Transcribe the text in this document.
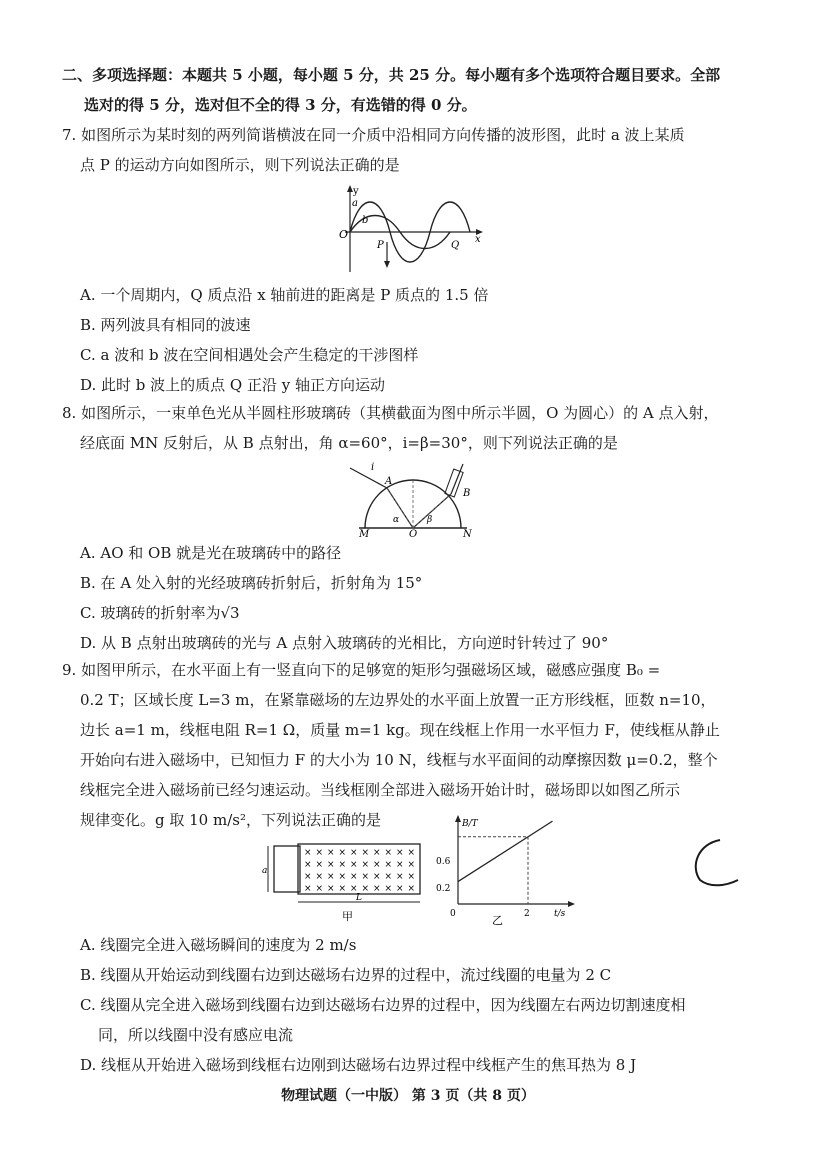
二、多项选择题：本题共 5 小题，每小题 5 分，共 25 分。每小题有多个选项符合题目要求。全部
选对的得 5 分，选对但不全的得 3 分，有选错的得 0 分。
7. 如图所示为某时刻的两列简谐横波在同一介质中沿相同方向传播的波形图，此时 a 波上某质
点 P 的运动方向如图所示，则下列说法正确的是
y
x
O
a
b
P	Q
A. 一个周期内，Q 质点沿 x 轴前进的距离是 P 质点的 1.5 倍
B. 两列波具有相同的波速
C. a 波和 b 波在空间相遇处会产生稳定的干涉图样
D. 此时 b 波上的质点 Q 正沿 y 轴正方向运动
8. 如图所示，一束单色光从半圆柱形玻璃砖（其横截面为图中所示半圆，O 为圆心）的 A 点入射，
经底面 MN 反射后，从 B 点射出，角 α=60°，i=β=30°，则下列说法正确的是
i
A
B
M	N
O
α	β
A. AO 和 OB 就是光在玻璃砖中的路径
B. 在 A 处入射的光经玻璃砖折射后，折射角为 15°
C. 玻璃砖的折射率为√3
D. 从 B 点射出玻璃砖的光与 A 点射入玻璃砖的光相比，方向逆时针转过了 90°
9. 如图甲所示，在水平面上有一竖直向下的足够宽的矩形匀强磁场区域，磁感应强度 B₀ =
0.2 T；区域长度 L=3 m，在紧靠磁场的左边界处的水平面上放置一正方形线框，匝数 n=10，
边长 a=1 m，线框电阻 R=1 Ω，质量 m=1 kg。现在线框上作用一水平恒力 F，使线框从静止
开始向右进入磁场中，已知恒力 F 的大小为 10 N，线框与水平面间的动摩擦因数 μ=0.2，整个
线框完全进入磁场前已经匀速运动。当线框刚全部进入磁场开始计时，磁场即以如图乙所示
规律变化。g 取 10 m/s²，下列说法正确的是
× × × × × × × × × ×
× × × × × × × × × ×
× × × × × × × × × ×
× × × × × × × × × ×
a
L
甲
B/T
t/s
0
0.6
0.2
2
乙
A. 线圈完全进入磁场瞬间的速度为 2 m/s
B. 线圈从开始运动到线圈右边到达磁场右边界的过程中，流过线圈的电量为 2 C
C. 线圈从完全进入磁场到线圈右边到达磁场右边界的过程中，因为线圈左右两边切割速度相
同，所以线圈中没有感应电流
D. 线框从开始进入磁场到线框右边刚到达磁场右边界过程中线框产生的焦耳热为 8 J
物理试题（一中版） 第 3 页（共 8 页）
